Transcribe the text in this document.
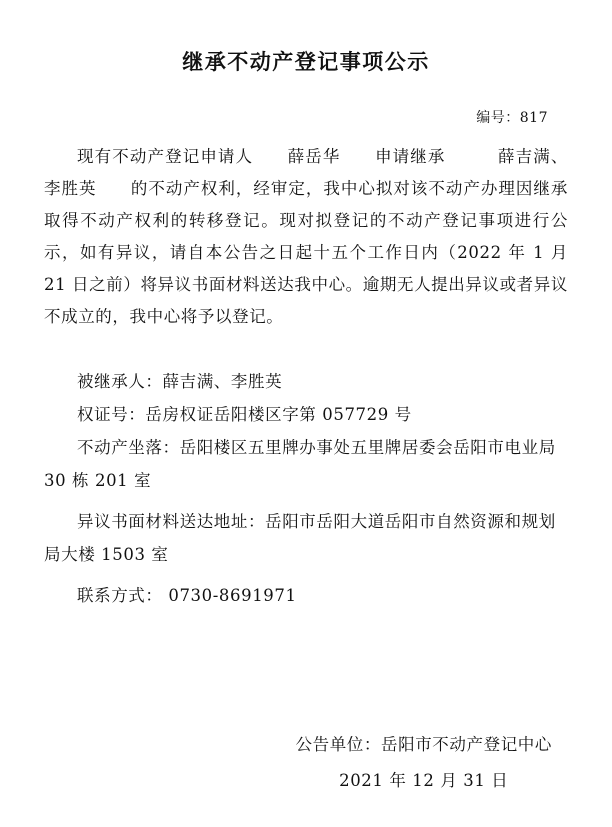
继承不动产登记事项公示
编号：817

现有不动产登记申请人 薛岳华 申请继承	薛吉满、李胜英 的不动产权利，经审定，我中心拟对该不动产办理因继承取得不动产权利的转移登记。现对拟登记的不动产登记事项进行公示，如有异议，请自本公告之日起十五个工作日内（2022 年 1 月 21 日之前）将异议书面材料送达我中心。逾期无人提出异议或者异议不成立的，我中心将予以登记。

被继承人：薛吉满、李胜英

权证号：岳房权证岳阳楼区字第 057729 号

不动产坐落：岳阳楼区五里牌办事处五里牌居委会岳阳市电业局 30 栋 201 室

异议书面材料送达地址：岳阳市岳阳大道岳阳市自然资源和规划局大楼 1503 室

联系方式： 0730-8691971

公告单位：岳阳市不动产登记中心
2021 年 12 月 31 日
